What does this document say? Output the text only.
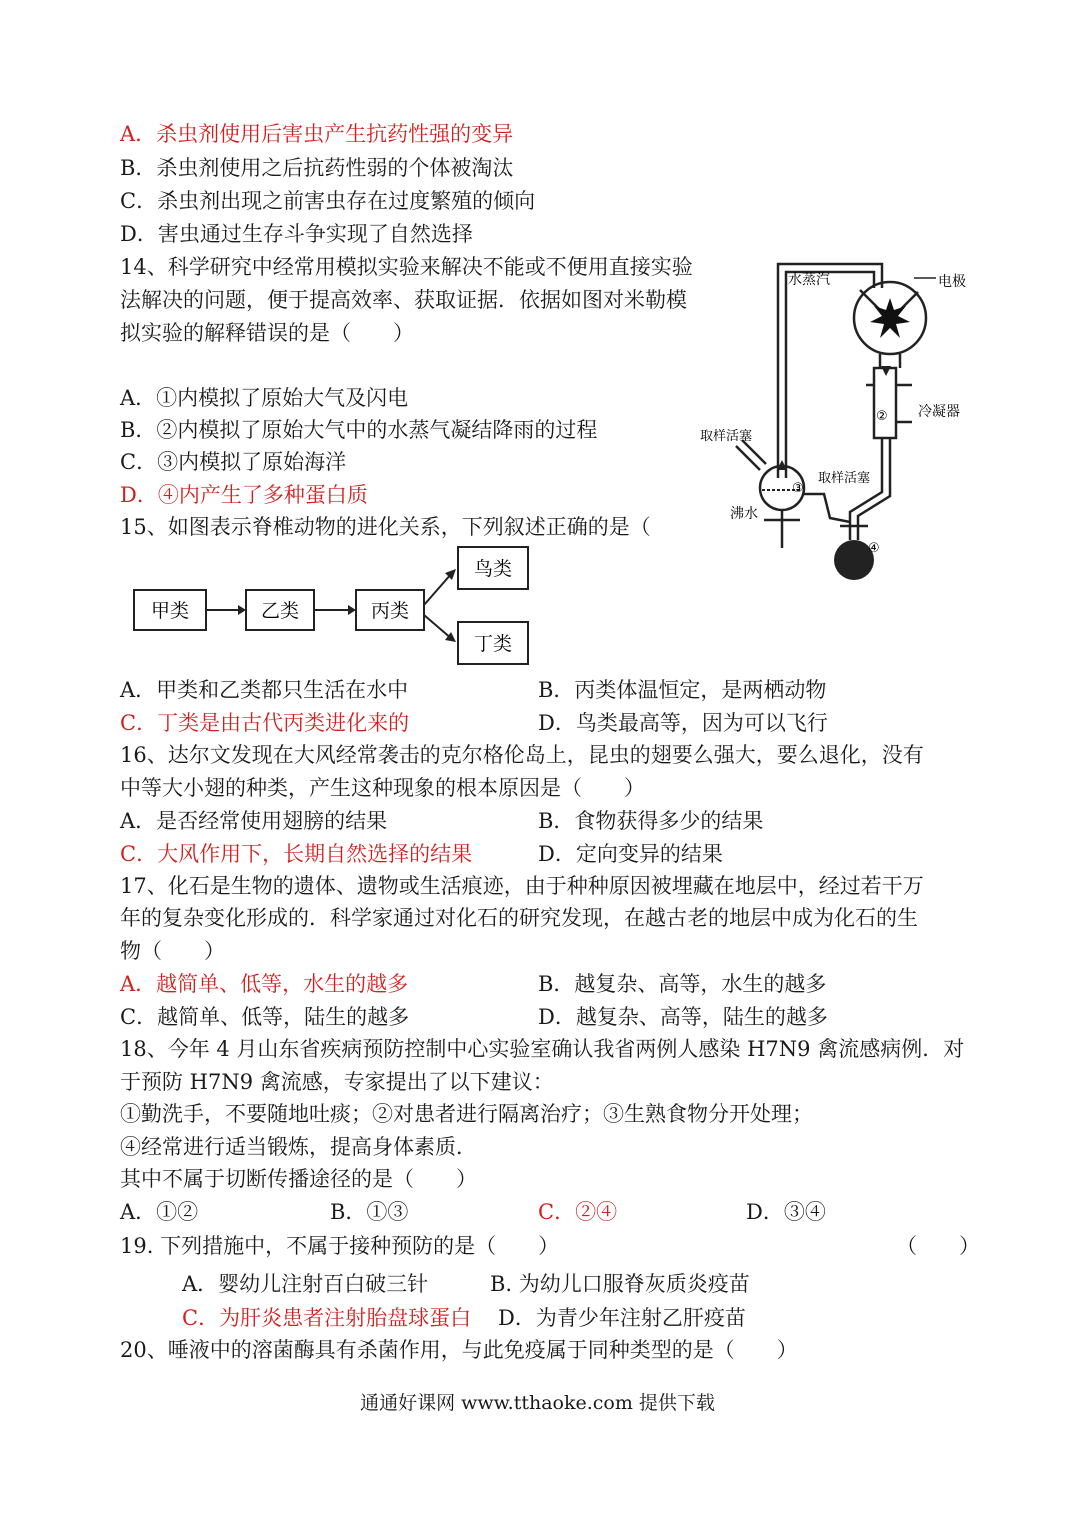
A．杀虫剂使用后害虫产生抗药性强的变异
B．杀虫剂使用之后抗药性弱的个体被淘汰
C．杀虫剂出现之前害虫存在过度繁殖的倾向
D．害虫通过生存斗争实现了自然选择
14、科学研究中经常用模拟实验来解决不能或不便用直接实验
法解决的问题，便于提高效率、获取证据．依据如图对米勒模
拟实验的解释错误的是（　　）
A．①内模拟了原始大气及闪电
B．②内模拟了原始大气中的水蒸气凝结降雨的过程
C．③内模拟了原始海洋
D．④内产生了多种蛋白质
水蒸汽	电极
冷凝器
取样活塞
取样活塞
沸水
①
②
③
④
15、如图表示脊椎动物的进化关系，下列叙述正确的是（
甲类	乙类	丙类
鸟类
丁类
A．甲类和乙类都只生活在水中	B．丙类体温恒定，是两栖动物
C．丁类是由古代丙类进化来的	D．鸟类最高等，因为可以飞行
16、达尔文发现在大风经常袭击的克尔格伦岛上，昆虫的翅要么强大，要么退化，没有
中等大小翅的种类，产生这种现象的根本原因是（　　）
A．是否经常使用翅膀的结果	B．食物获得多少的结果
C．大风作用下，长期自然选择的结果	D．定向变异的结果
17、化石是生物的遗体、遗物或生活痕迹，由于种种原因被埋藏在地层中，经过若干万
年的复杂变化形成的．科学家通过对化石的研究发现，在越古老的地层中成为化石的生
物（　　）
A．越简单、低等，水生的越多	B．越复杂、高等，水生的越多
C．越简单、低等，陆生的越多	D．越复杂、高等，陆生的越多
18、今年 4 月山东省疾病预防控制中心实验室确认我省两例人感染 H7N9 禽流感病例．对
于预防 H7N9 禽流感，专家提出了以下建议：
①勤洗手，不要随地吐痰；②对患者进行隔离治疗；③生熟食物分开处理；
④经常进行适当锻炼，提高身体素质．
其中不属于切断传播途径的是（　　）
A．①②	B．①③	C．②④	D．③④
19. 下列措施中，不属于接种预防的是（　　）	（　　）
A．婴幼儿注射百白破三针	B. 为幼儿口服脊灰质炎疫苗
C．为肝炎患者注射胎盘球蛋白 D．为青少年注射乙肝疫苗
20、唾液中的溶菌酶具有杀菌作用，与此免疫属于同种类型的是（　　）
通通好课网 www.tthaoke.com 提供下载
